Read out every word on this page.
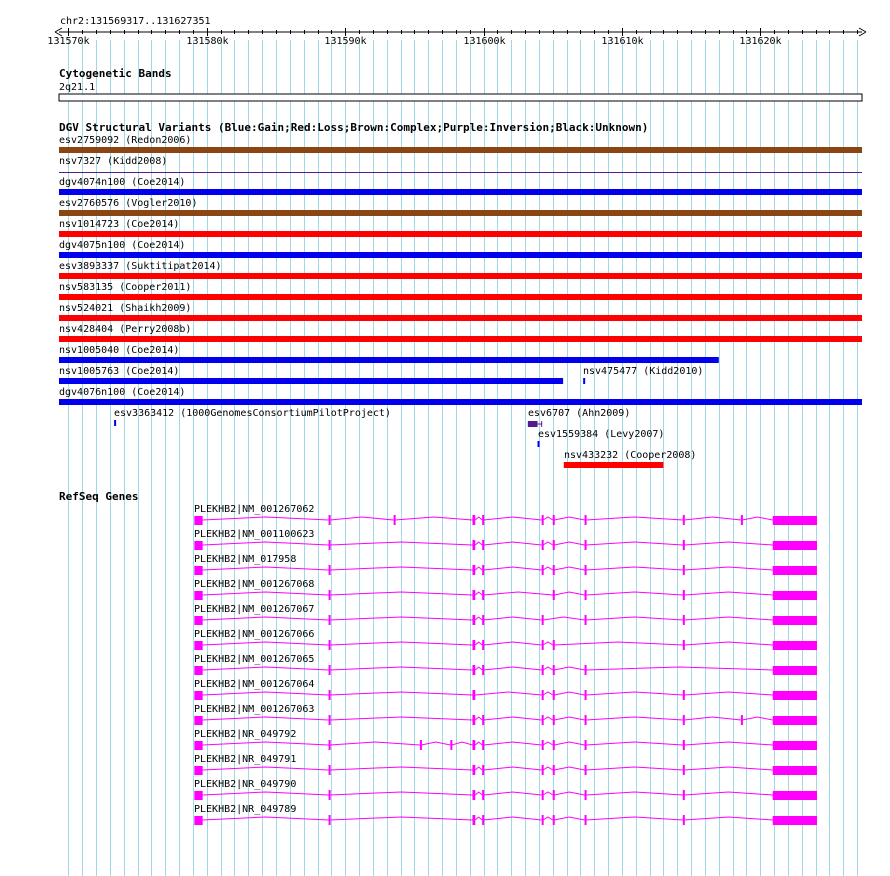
chr2:131569317..131627351
131570k	131580k	131590k	131600k	131610k	131620k
Cytogenetic Bands
2q21.1
DGV Structural Variants (Blue:Gain;Red:Loss;Brown:Complex;Purple:Inversion;Black:Unknown)
esv2759092 (Redon2006)
nsv7327 (Kidd2008)
dgv4074n100 (Coe2014)
esv2760576 (Vogler2010)
nsv1014723 (Coe2014)
dgv4075n100 (Coe2014)
esv3893337 (Suktitipat2014)
nsv583135 (Cooper2011)
nsv524021 (Shaikh2009)
nsv428404 (Perry2008b)
nsv1005040 (Coe2014)
nsv1005763 (Coe2014)	nsv475477 (Kidd2010)
dgv4076n100 (Coe2014)
esv3363412 (1000GenomesConsortiumPilotProject)	esv6707 (Ahn2009)
esv1559384 (Levy2007)
nsv433232 (Cooper2008)
RefSeq Genes
PLEKHB2|NM_001267062
PLEKHB2|NM_001100623
PLEKHB2|NM_017958
PLEKHB2|NM_001267068
PLEKHB2|NM_001267067
PLEKHB2|NM_001267066
PLEKHB2|NM_001267065
PLEKHB2|NM_001267064
PLEKHB2|NM_001267063
PLEKHB2|NR_049792
PLEKHB2|NR_049791
PLEKHB2|NR_049790
PLEKHB2|NR_049789
